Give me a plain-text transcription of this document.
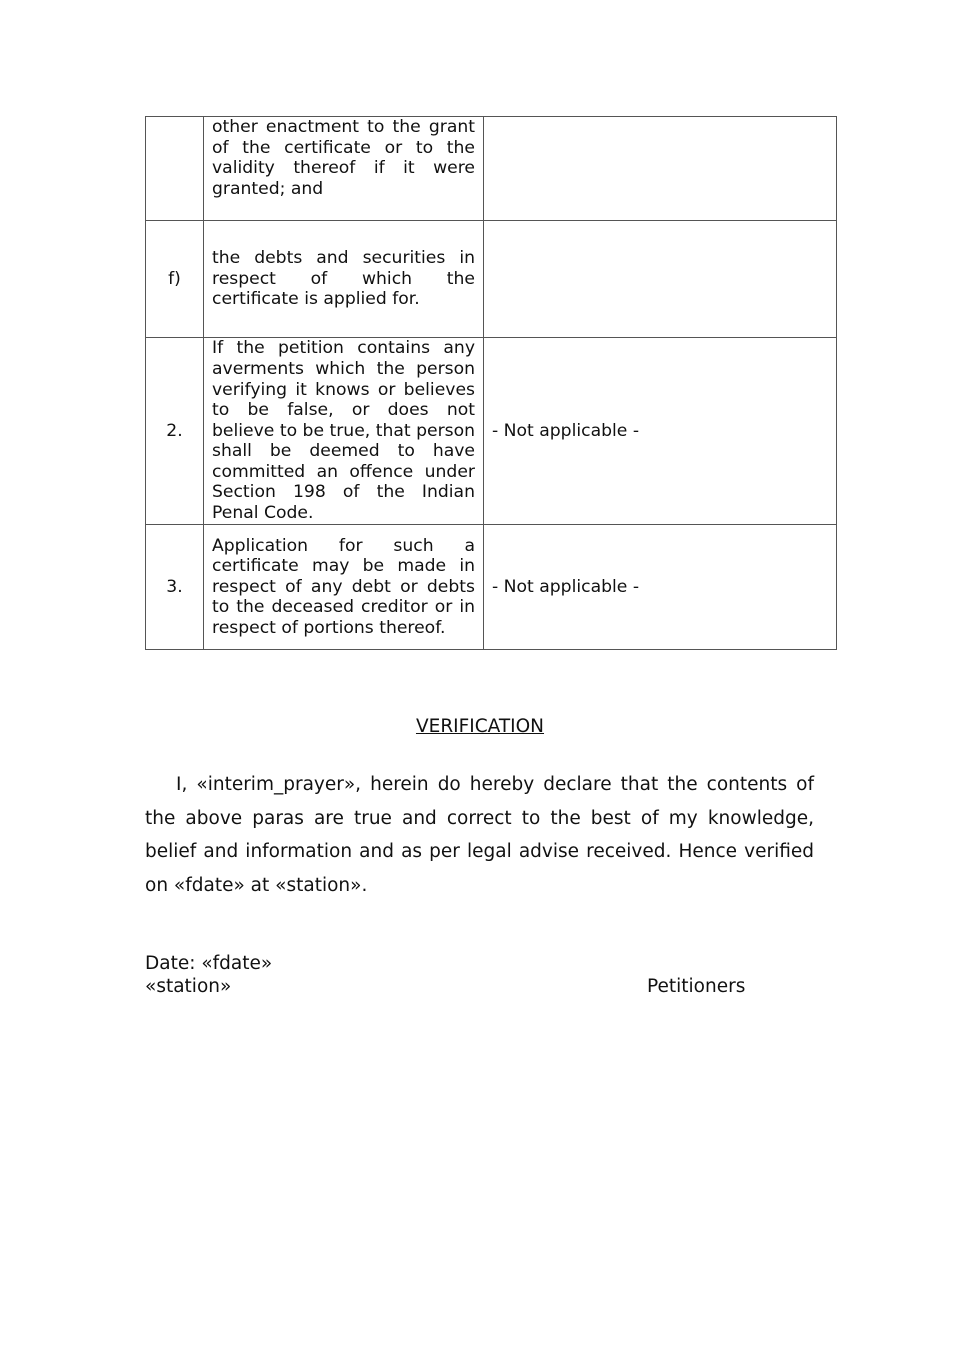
	other enactment to the grant of the certificate or to the validity thereof if it were granted; and	

f)	the debts and securities in respect of which the certificate is applied for.	

2.	If the petition contains any averments which the person verifying it knows or believes to be false, or does not believe to be true, that person shall be deemed to have committed an offence under Section 198 of the Indian Penal Code.	- Not applicable -

3.	Application for such a certificate may be made in respect of any debt or debts to the deceased creditor or in respect of portions thereof.	- Not applicable -
VERIFICATION

I, «interim_prayer», herein do hereby declare that the contents of the above paras are true and correct to the best of my knowledge, belief and information and as per legal advise received. Hence verified on «fdate» at «station».

Date: «fdate»
«station»	Petitioners
